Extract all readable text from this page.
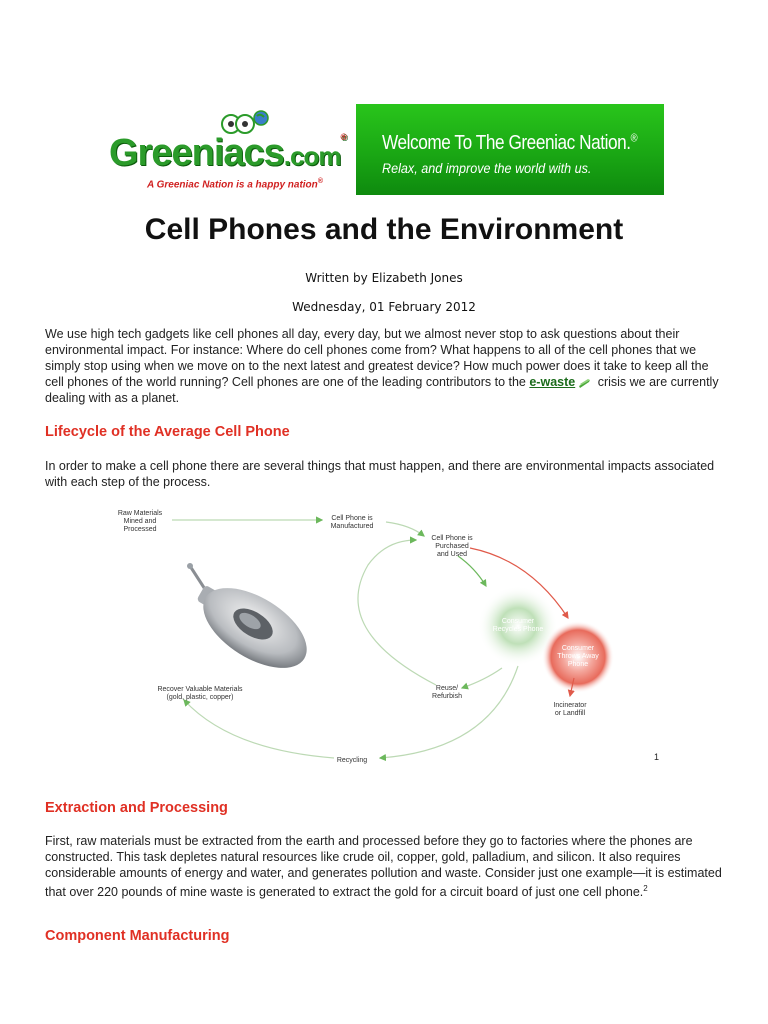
Greeniacs.com®
A Greeniac Nation is a happy nation®
Welcome To The Greeniac Nation.®
Relax, and improve the world with us.
Cell Phones and the Environment
Written by Elizabeth Jones
Wednesday, 01 February 2012

We use high tech gadgets like cell phones all day, every day, but we almost never stop to ask questions about their environmental impact. For instance: Where do cell phones come from? What happens to all of the cell phones that we simply stop using when we move on to the next latest and greatest device? How much power does it take to keep all the cell phones of the world running? Cell phones are one of the leading contributors to the e-waste crisis we are currently dealing with as a planet.

Lifecycle of the Average Cell Phone

In order to make a cell phone there are several things that must happen, and there are environmental impacts associated with each step of the process.

Raw Materials Mined and Processed
Cell Phone is Manufactured
Cell Phone is Purchased and Used
Consumer Recycles Phone
Consumer Throws Away Phone
Incinerator or Landfill
Reuse/ Refurbish
Recover Valuable Materials (gold, plastic, copper)
Recycling	1
Extraction and Processing

First, raw materials must be extracted from the earth and processed before they go to factories where the phones are constructed. This task depletes natural resources like crude oil, copper, gold, palladium, and silicon. It also requires considerable amounts of energy and water, and generates pollution and waste. Consider just one example—it is estimated that over 220 pounds of mine waste is generated to extract the gold for a circuit board of just one cell phone.$^2$

Component Manufacturing
